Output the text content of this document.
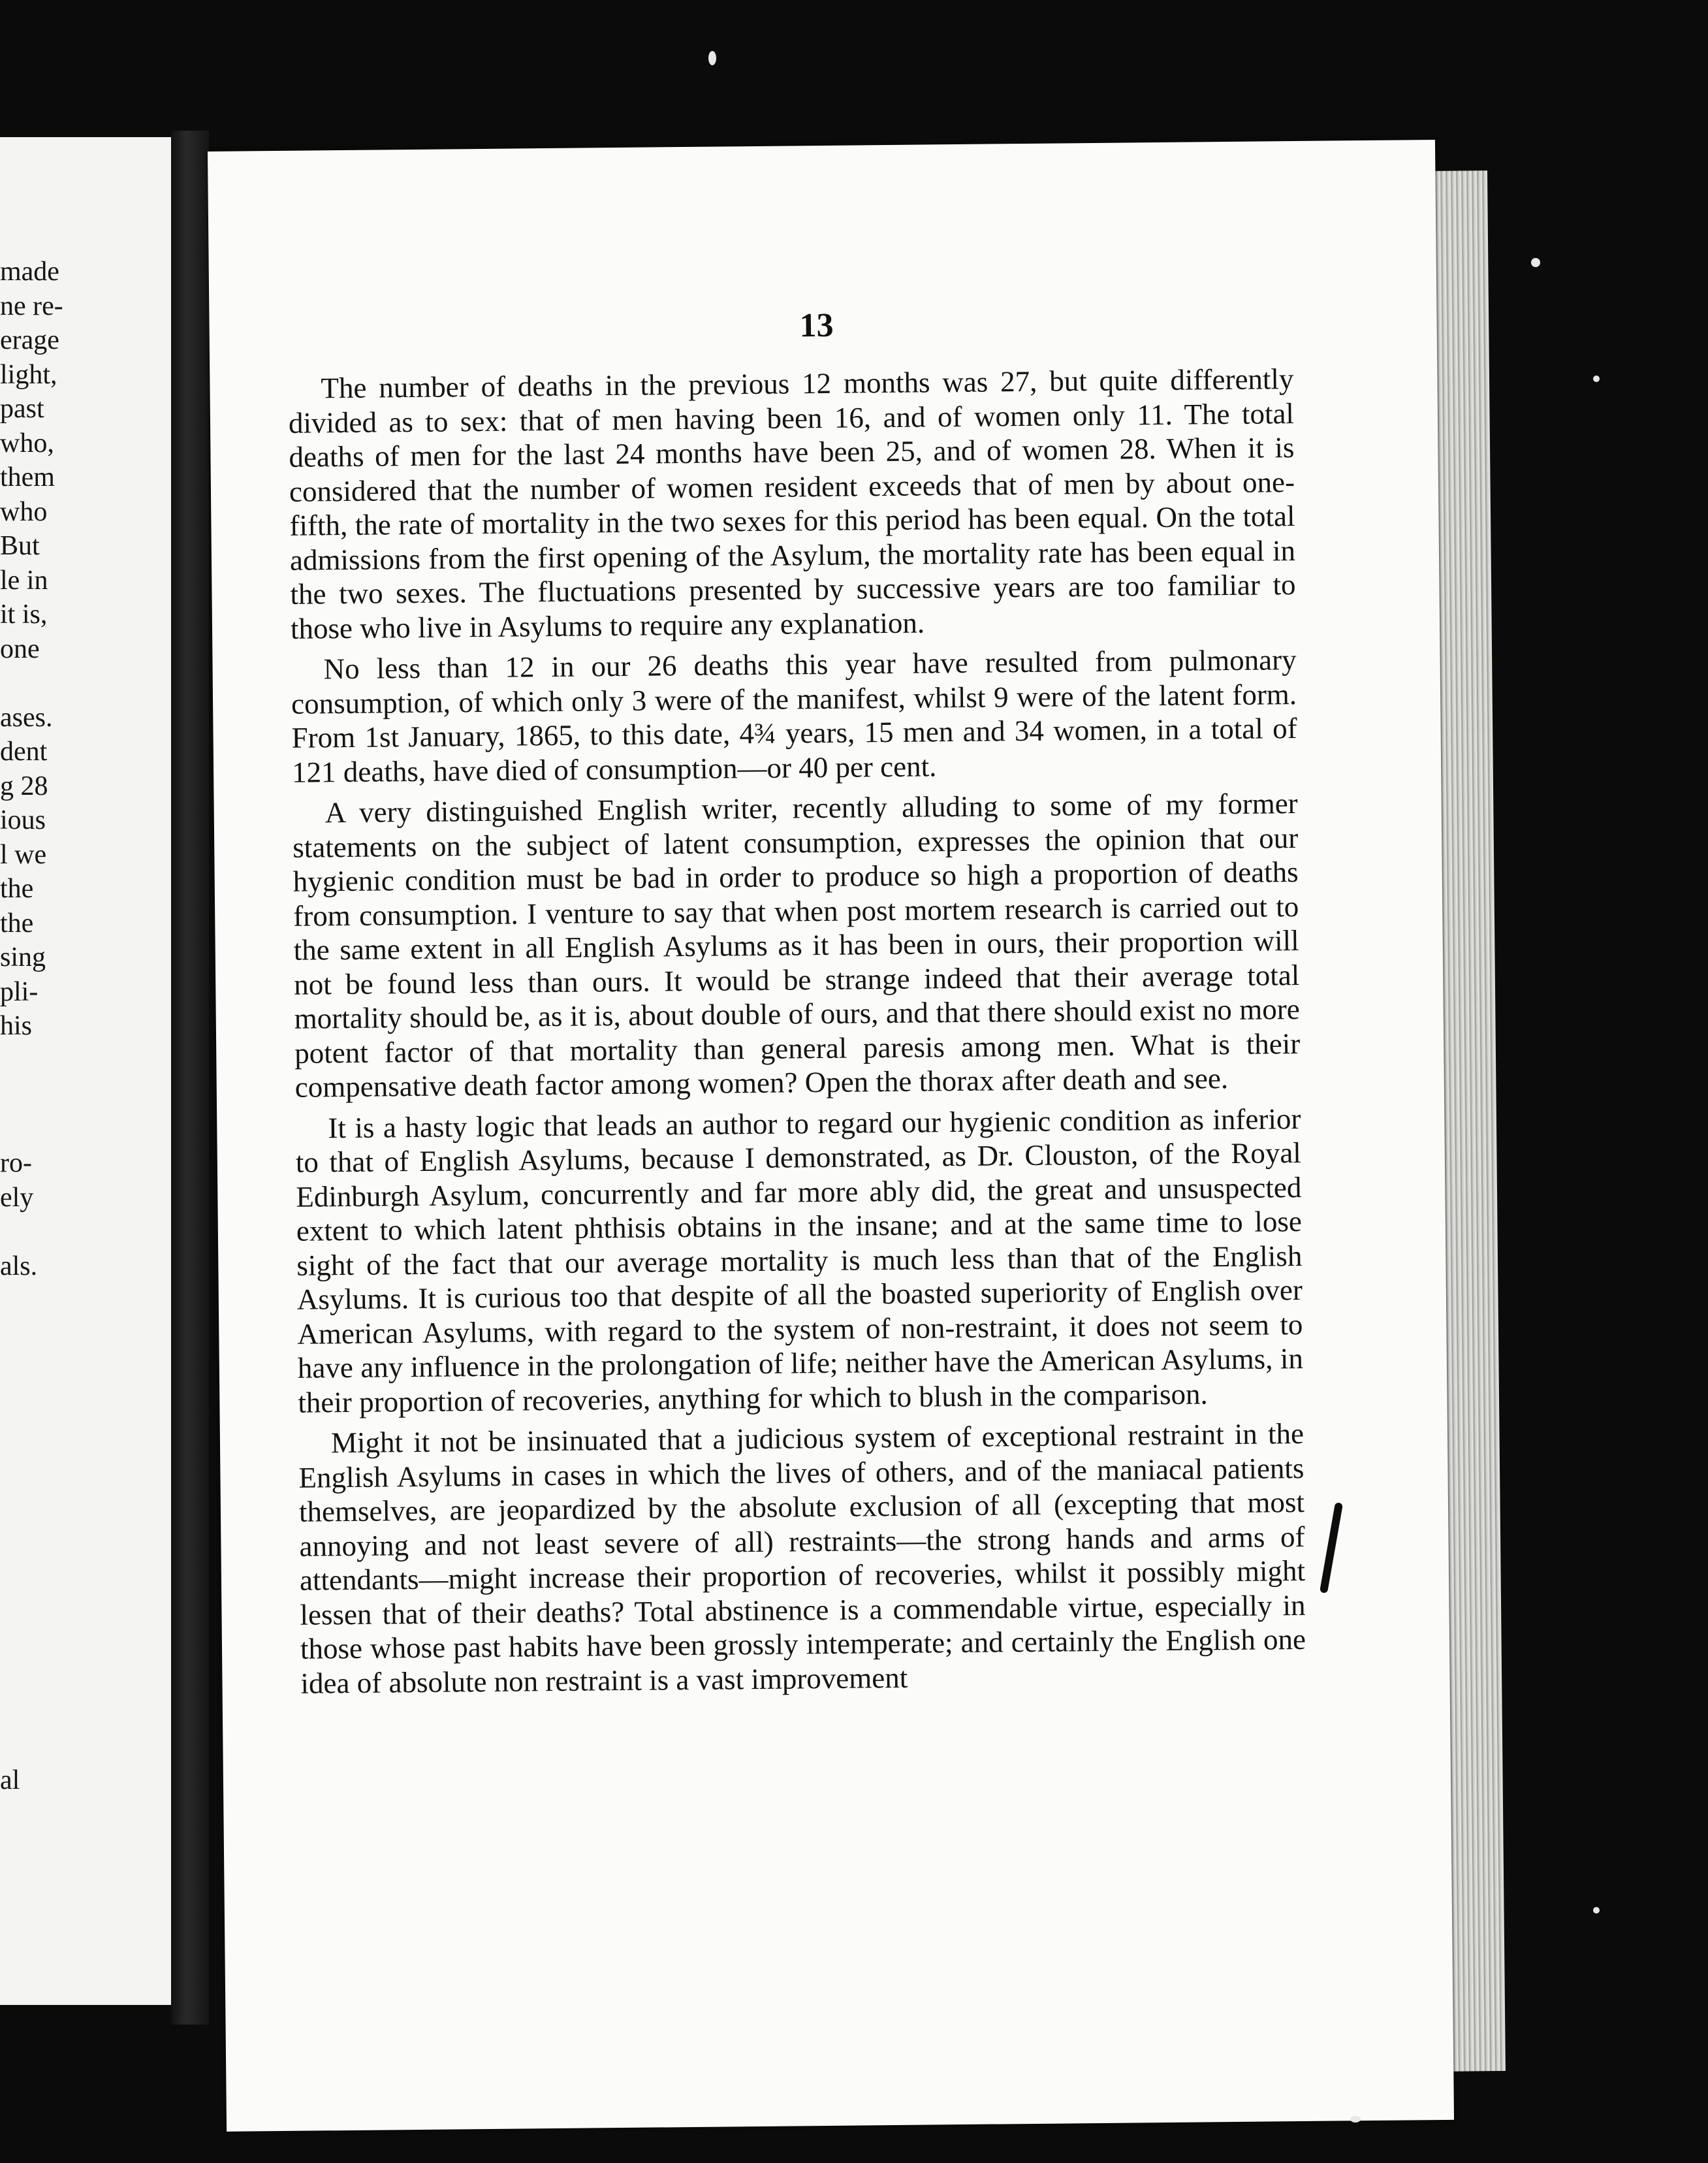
made
ne re-
erage
light,
past
who,
them
who
But
le in
it is,
one
ases.
dent
g 28
ious
l we
the
the
sing
pli-
his
ro-
ely
als.
al
13

The number of deaths in the previous 12 months was 27, but quite differently divided as to sex: that of men having been 16, and of women only 11. The total deaths of men for the last 24 months have been 25, and of women 28. When it is considered that the number of women resident exceeds that of men by about one-fifth, the rate of mortality in the two sexes for this period has been equal. On the total admissions from the first opening of the Asylum, the mortality rate has been equal in the two sexes. The fluctuations presented by successive years are too familiar to those who live in Asylums to require any explanation.

No less than 12 in our 26 deaths this year have resulted from pulmonary consumption, of which only 3 were of the manifest, whilst 9 were of the latent form. From 1st January, 1865, to this date, 4¾ years, 15 men and 34 women, in a total of 121 deaths, have died of consumption—or 40 per cent.

A very distinguished English writer, recently alluding to some of my former statements on the subject of latent consumption, expresses the opinion that our hygienic condition must be bad in order to produce so high a proportion of deaths from consumption. I venture to say that when post mortem research is carried out to the same extent in all English Asylums as it has been in ours, their proportion will not be found less than ours. It would be strange indeed that their average total mortality should be, as it is, about double of ours, and that there should exist no more potent factor of that mortality than general paresis among men. What is their compensative death factor among women? Open the thorax after death and see.

It is a hasty logic that leads an author to regard our hygienic condition as inferior to that of English Asylums, because I demonstrated, as Dr. Clouston, of the Royal Edinburgh Asylum, concurrently and far more ably did, the great and unsuspected extent to which latent phthisis obtains in the insane; and at the same time to lose sight of the fact that our average mortality is much less than that of the English Asylums. It is curious too that despite of all the boasted superiority of English over American Asylums, with regard to the system of non-restraint, it does not seem to have any influence in the prolongation of life; neither have the American Asylums, in their proportion of recoveries, anything for which to blush in the comparison.

Might it not be insinuated that a judicious system of exceptional restraint in the English Asylums in cases in which the lives of others, and of the maniacal patients themselves, are jeopardized by the absolute exclusion of all (excepting that most annoying and not least severe of all) restraints—the strong hands and arms of attendants—might increase their proportion of recoveries, whilst it possibly might lessen that of their deaths? Total abstinence is a commendable virtue, especially in those whose past habits have been grossly intemperate; and certainly the English one idea of absolute non restraint is a vast improvement
